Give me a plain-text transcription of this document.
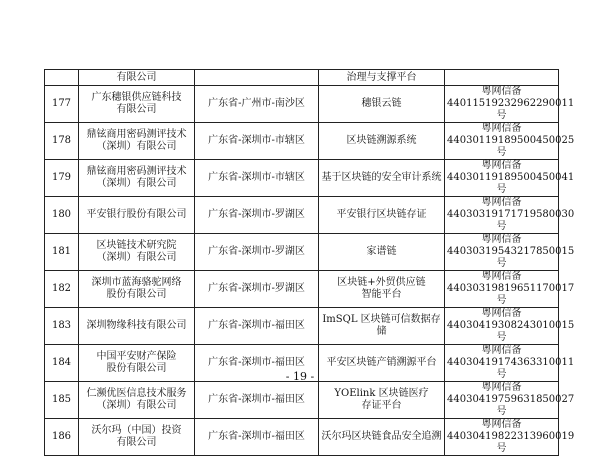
	有限公司		治理与支撑平台	
177	广东穗银供应链科技
有限公司	广东省-广州市-南沙区	穗银云链	粤网信备 44011519232962290011 号
178	鼎铉商用密码测评技术
（深圳）有限公司	广东省-深圳市-市辖区	区块链溯源系统	粤网信备 44030119189500450025 号
179	鼎铉商用密码测评技术
（深圳）有限公司	广东省-深圳市-市辖区	基于区块链的安全审计系统	粤网信备 44030119189500450041 号
180	平安银行股份有限公司	广东省-深圳市-罗湖区	平安银行区块链存证	粤网信备 44030319171719580030 号
181	区块链技术研究院
（深圳）有限公司	广东省-深圳市-罗湖区	家谱链	粤网信备 44030319543217850015 号
182	深圳市蓝海骆驼网络
股份有限公司	广东省-深圳市-罗湖区	区块链+外贸供应链
智能平台	粤网信备 44030319819651170017 号
183	深圳物缘科技有限公司	广东省-深圳市-福田区	ImSQL 区块链可信数据存储	粤网信备 44030419308243010015 号
184	中国平安财产保险
股份有限公司	广东省-深圳市-福田区	平安区块链产销溯源平台	粤网信备 44030419174363310011 号
185	仁濒优医信息技术服务
（深圳）有限公司	广东省-深圳市-福田区	YOElink 区块链医疗
存证平台	粤网信备 44030419759631850027 号
186	沃尔玛（中国）投资
有限公司	广东省-深圳市-福田区	沃尔玛区块链食品安全追溯	粤网信备 44030419822313960019 号
- 19 -
